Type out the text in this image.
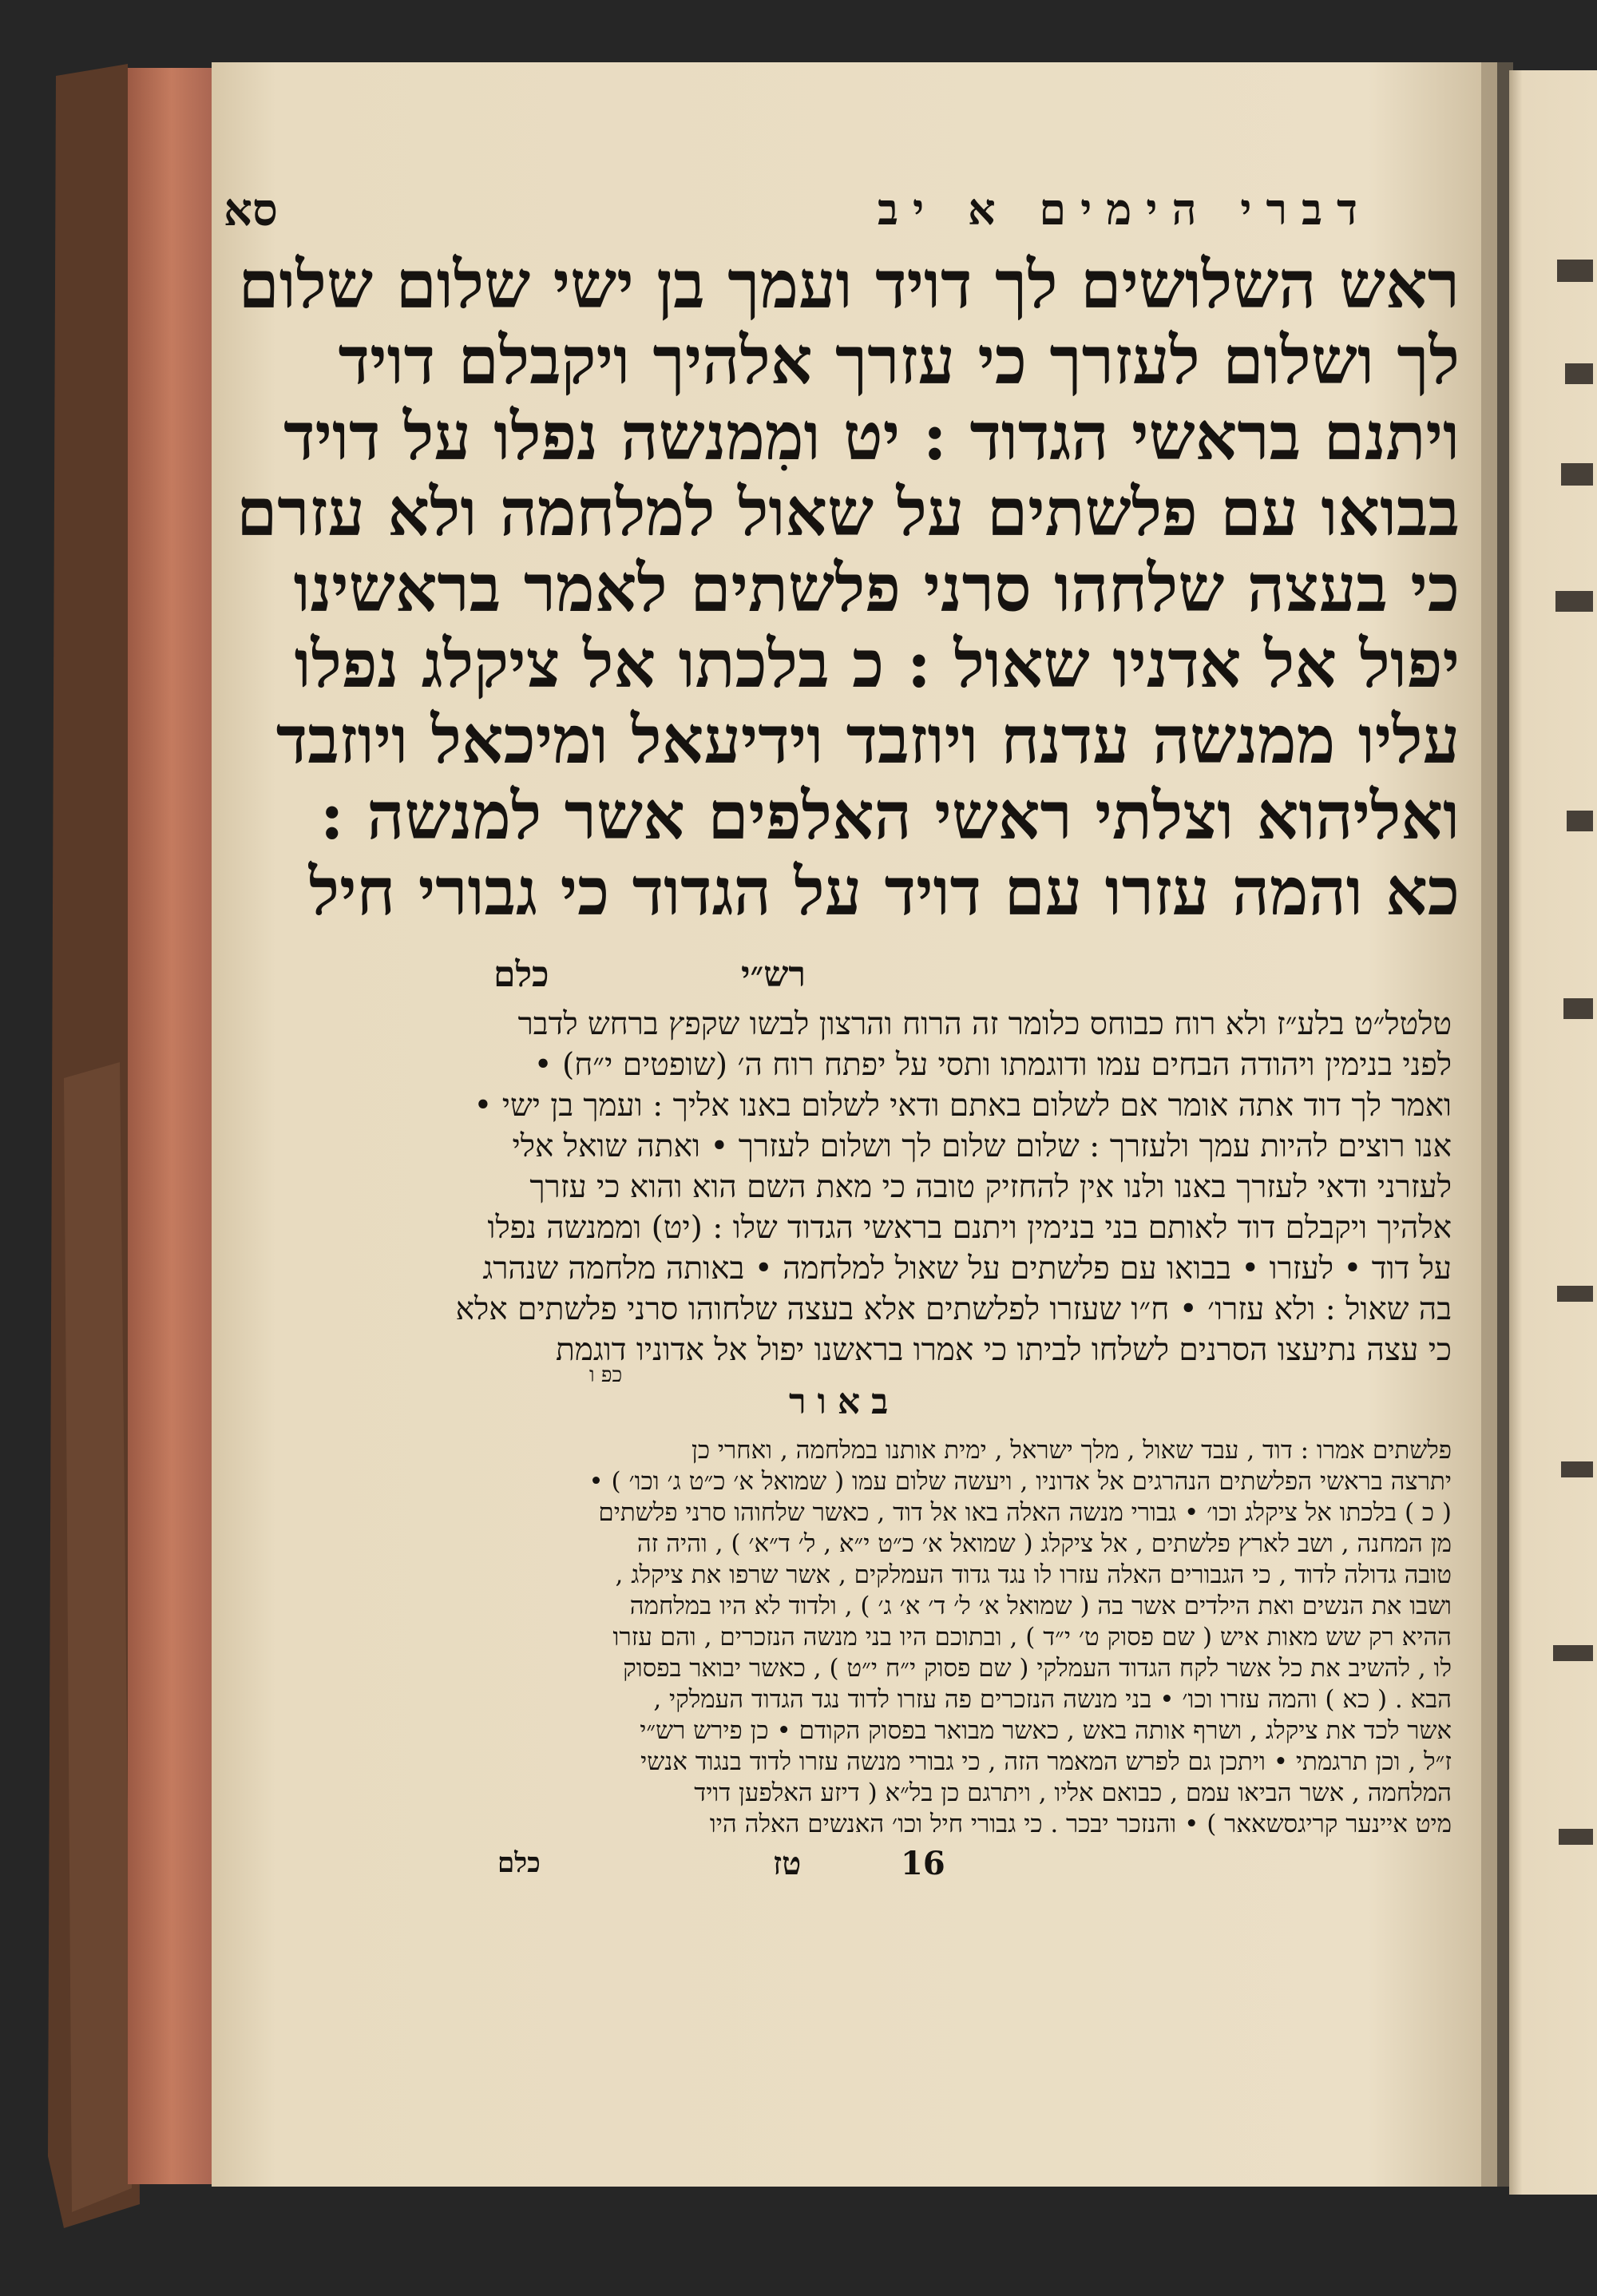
סא	דברי הימים א יב
ראש השלושים לך דויד ועמך בן ישי שלום שלום
לך ושלום לעזרך כי עזרך אלהיך ויקבלם דויד
ויתנם בראשי הגדוד : יט ומִמנשה נפלו על דויד
בבואו עם פלשתים על שאול למלחמה ולא עזרם
כי בעצה שלחהו סרני פלשתים לאמר בראשינו
יפול אל אדניו שאול : כ בלכתו אל ציקלג נפלו
עליו ממנשה עדנח ויוזבד וידיעאל ומיכאל ויוזבד
ואליהוא וצלתי ראשי האלפים אשר למנשה :
כא והמה עזרו עם דויד על הגדוד כי גבורי חיל
רש״י
כלם
טלטל״ט בלע״ז ולא רוח כבוחס כלומר זה הרוח והרצון לבשו שקפץ ברחש לדבר
לפני בנימין ויהודה הבחים עמו ודוגמתו ותסי על יפתח רוח ה׳ (שופטים י״ח) •
ואמר לך דוד אתה אומר אם לשלום באתם ודאי לשלום באנו אליך : ועמך בן ישי •
אנו רוצים להיות עמך ולעזרך : שלום שלום לך ושלום לעזרך • ואתה שואל אלי
לעזרני ודאי לעזרך באנו ולנו אין להחזיק טובה כי מאת השם הוא והוא כי עזרך
אלהיך ויקבלם דוד לאותם בני בנימין ויתנם בראשי הגדוד שלו : (יט) וממנשה נפלו
על דוד • לעזרו • בבואו עם פלשתים על שאול למלחמה • באותה מלחמה שנהרג
בה שאול : ולא עזרו׳ • ח״ו שעזרו לפלשתים אלא בעצה שלחוהו סרני פלשתים אלא
כי עצה נתיעצו הסרנים לשלחו לביתו כי אמרו בראשנו יפול אל אדוניו דוגמת
כפ ו
באור
פלשתים אמרו : דוד , עבד שאול , מלך ישראל , ימית אותנו במלחמה , ואחרי כן
יתרצה בראשי הפלשתים הנהרגים אל אדוניו , ויעשה שלום עמו ( שמואל א׳ כ״ט ג׳ וכו׳ ) •
( כ ) בלכתו אל ציקלג וכו׳ • גבורי מנשה האלה באו אל דוד , כאשר שלחוהו סרני פלשתים
מן המחנה , ושב לארץ פלשתים , אל ציקלג ( שמואל א׳ כ״ט י״א , ל׳ ד״א׳ ) , והיה זה
טובה גדולה לדוד , כי הגבורים האלה עזרו לו נגד גדוד העמלקים , אשר שרפו את ציקלג ,
ושבו את הנשים ואת הילדים אשר בה ( שמואל א׳ ל׳ ד׳ א׳ ג׳ ) , ולדוד לא היו במלחמה
ההיא רק שש מאות איש ( שם פסוק ט׳ י״ד ) , ובתוכם היו בני מנשה הנזכרים , והם עזרו
לו , להשיב את כל אשר לקח הגדוד העמלקי ( שם פסוק י״ח י״ט ) , כאשר יבואר בפסוק
הבא . ( כא ) והמה עזרו וכו׳ • בני מנשה הנזכרים פה עזרו לדוד נגד הגדוד העמלקי ,
אשר לכד את ציקלג , ושרף אותה באש , כאשר מבואר בפסוק הקודם • כן פירש רש״י
ז״ל , וכן תרגמתי • ויתכן גם לפרש המאמר הזה , כי גבורי מנשה עזרו לדוד בנגוד אנשי
המלחמה , אשר הביאו עמם , כבואם אליו , ויתרגם כן בל״א ( דיזע האלפען דויד
מיט איינער קריגסשאאר ) • והנזכר יבכר . כי גבורי חיל וכו׳ האנשים האלה היו
טז	16
כלם
